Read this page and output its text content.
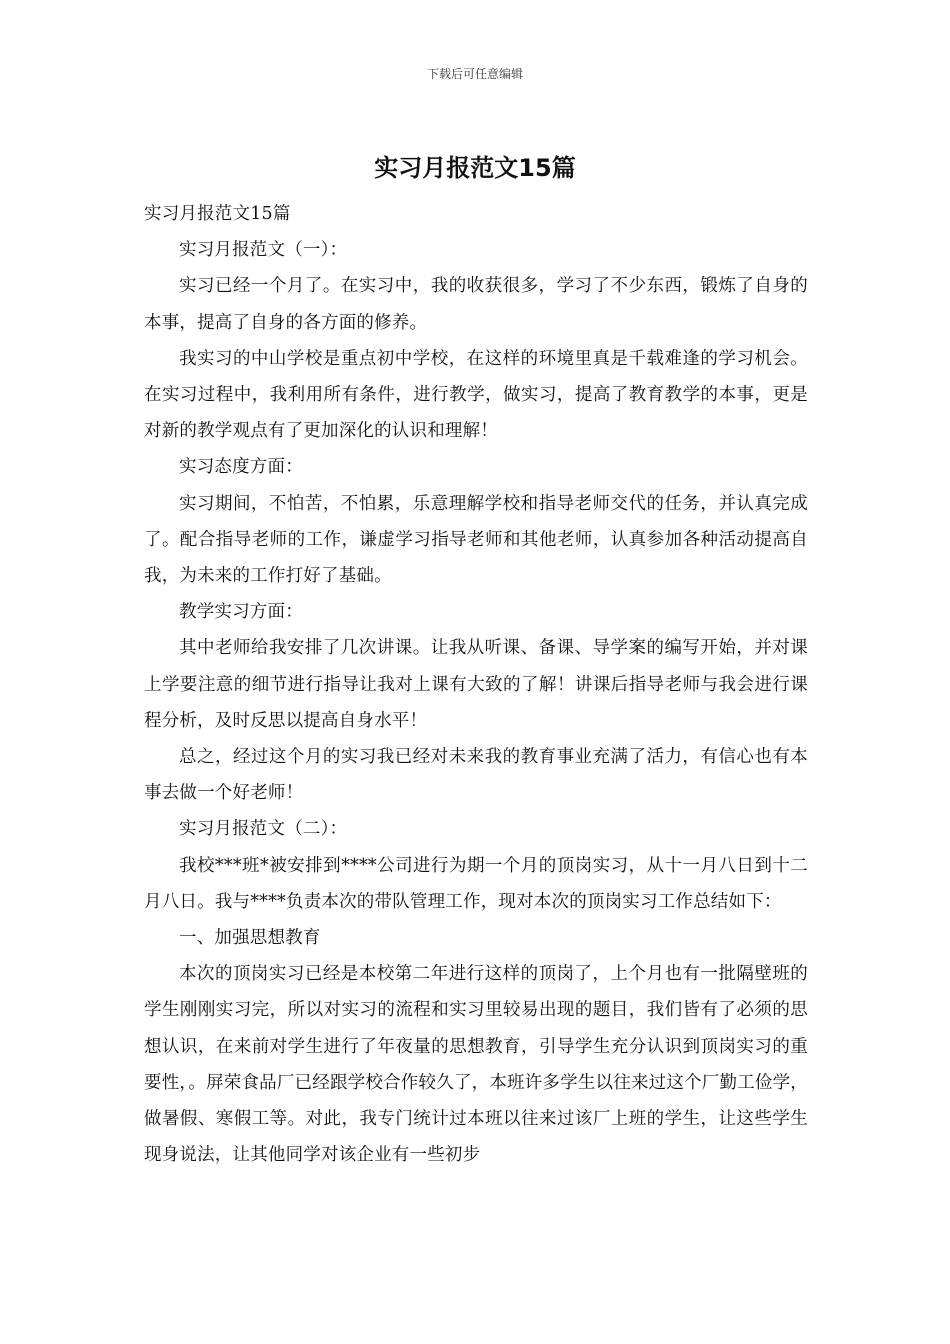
下载后可任意编辑
实习月报范文15篇

实习月报范文15篇

实习月报范文（一）：

实习已经一个月了。在实习中，我的收获很多，学习了不少东西，锻炼了自身的本事，提高了自身的各方面的修养。

我实习的中山学校是重点初中学校，在这样的环境里真是千载难逢的学习机会。在实习过程中，我利用所有条件，进行教学，做实习，提高了教育教学的本事，更是对新的教学观点有了更加深化的认识和理解！

实习态度方面：

实习期间，不怕苦，不怕累，乐意理解学校和指导老师交代的任务，并认真完成了。配合指导老师的工作，谦虚学习指导老师和其他老师，认真参加各种活动提高自我，为未来的工作打好了基础。

教学实习方面：

其中老师给我安排了几次讲课。让我从听课、备课、导学案的编写开始，并对课上学要注意的细节进行指导让我对上课有大致的了解！讲课后指导老师与我会进行课程分析，及时反思以提高自身水平！

总之，经过这个月的实习我已经对未来我的教育事业充满了活力，有信心也有本事去做一个好老师！

实习月报范文（二）：

我校***班*被安排到****公司进行为期一个月的顶岗实习，从十一月八日到十二月八日。我与****负责本次的带队管理工作，现对本次的顶岗实习工作总结如下：

一、加强思想教育

本次的顶岗实习已经是本校第二年进行这样的顶岗了，上个月也有一批隔壁班的学生刚刚实习完，所以对实习的流程和实习里较易出现的题目，我们皆有了必须的思想认识，在来前对学生进行了年夜量的思想教育，引导学生充分认识到顶岗实习的重要性，。屏荣食品厂已经跟学校合作较久了，本班许多学生以往来过这个厂勤工俭学，做暑假、寒假工等。对此，我专门统计过本班以往来过该厂上班的学生，让这些学生现身说法，让其他同学对该企业有一些初步
